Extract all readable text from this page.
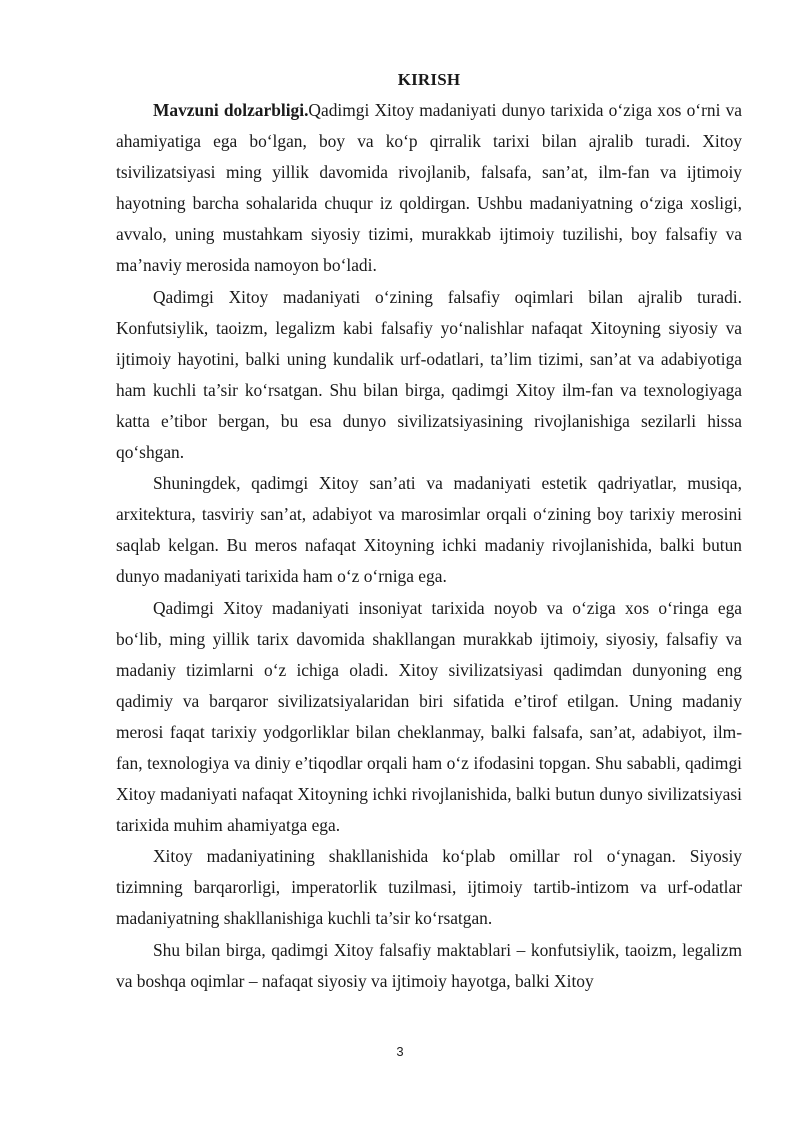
KIRISH

Mavzuni dolzarbligi.Qadimgi Xitoy madaniyati dunyo tarixida o‘ziga xos o‘rni va ahamiyatiga ega bo‘lgan, boy va ko‘p qirralik tarixi bilan ajralib turadi. Xitoy tsivilizatsiyasi ming yillik davomida rivojlanib, falsafa, san’at, ilm-fan va ijtimoiy hayotning barcha sohalarida chuqur iz qoldirgan. Ushbu madaniyatning o‘ziga xosligi, avvalo, uning mustahkam siyosiy tizimi, murakkab ijtimoiy tuzilishi, boy falsafiy va ma’naviy merosida namoyon bo‘ladi.

Qadimgi Xitoy madaniyati o‘zining falsafiy oqimlari bilan ajralib turadi. Konfutsiylik, taoizm, legalizm kabi falsafiy yo‘nalishlar nafaqat Xitoyning siyosiy va ijtimoiy hayotini, balki uning kundalik urf-odatlari, ta’lim tizimi, san’at va adabiyotiga ham kuchli ta’sir ko‘rsatgan. Shu bilan birga, qadimgi Xitoy ilm-fan va texnologiyaga katta e’tibor bergan, bu esa dunyo sivilizatsiyasining rivojlanishiga sezilarli hissa qo‘shgan.

Shuningdek, qadimgi Xitoy san’ati va madaniyati estetik qadriyatlar, musiqa, arxitektura, tasviriy san’at, adabiyot va marosimlar orqali o‘zining boy tarixiy merosini saqlab kelgan. Bu meros nafaqat Xitoyning ichki madaniy rivojlanishida, balki butun dunyo madaniyati tarixida ham o‘z o‘rniga ega.

Qadimgi Xitoy madaniyati insoniyat tarixida noyob va o‘ziga xos o‘ringa ega bo‘lib, ming yillik tarix davomida shakllangan murakkab ijtimoiy, siyosiy, falsafiy va madaniy tizimlarni o‘z ichiga oladi. Xitoy sivilizatsiyasi qadimdan dunyoning eng qadimiy va barqaror sivilizatsiyalaridan biri sifatida e’tirof etilgan. Uning madaniy merosi faqat tarixiy yodgorliklar bilan cheklanmay, balki falsafa, san’at, adabiyot, ilm-fan, texnologiya va diniy e’tiqodlar orqali ham o‘z ifodasini topgan. Shu sababli, qadimgi Xitoy madaniyati nafaqat Xitoyning ichki rivojlanishida, balki butun dunyo sivilizatsiyasi tarixida muhim ahamiyatga ega.

Xitoy madaniyatining shakllanishida ko‘plab omillar rol o‘ynagan. Siyosiy tizimning barqarorligi, imperatorlik tuzilmasi, ijtimoiy tartib-intizom va urf-odatlar madaniyatning shakllanishiga kuchli ta’sir ko‘rsatgan.

Shu bilan birga, qadimgi Xitoy falsafiy maktablari – konfutsiylik, taoizm, legalizm va boshqa oqimlar – nafaqat siyosiy va ijtimoiy hayotga, balki Xitoy

3
